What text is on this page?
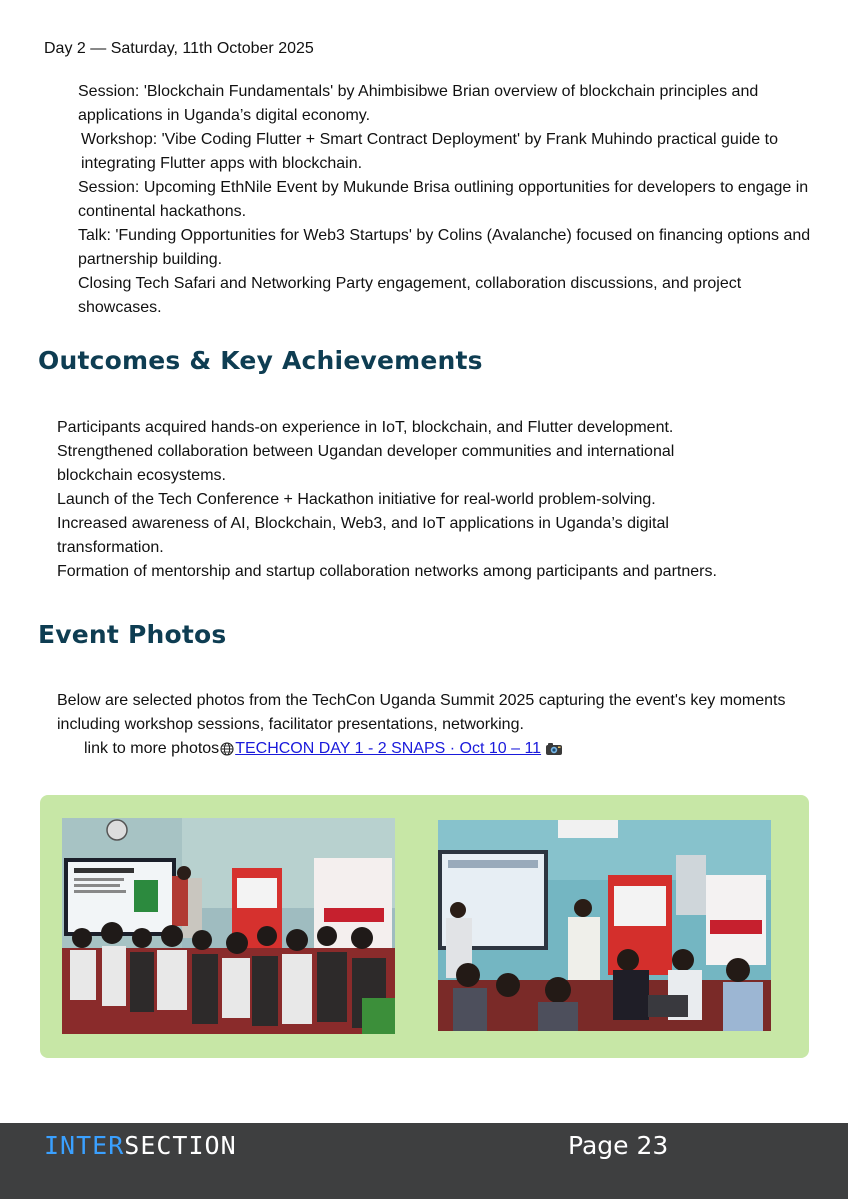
Day 2 — Saturday, 11th October 2025

Session: 'Blockchain Fundamentals' by Ahimbisibwe Brian overview of blockchain principles and applications in Uganda’s digital economy.
Workshop: 'Vibe Coding Flutter + Smart Contract Deployment' by Frank Muhindo practical guide to integrating Flutter apps with blockchain.
Session: Upcoming EthNile Event by Mukunde Brisa outlining opportunities for developers to engage in continental hackathons.
Talk: 'Funding Opportunities for Web3 Startups' by Colins (Avalanche) focused on financing options and partnership building.
Closing Tech Safari and Networking Party engagement, collaboration discussions, and project showcases.
Outcomes & Key Achievements
Participants acquired hands-on experience in IoT, blockchain, and Flutter development.
Strengthened collaboration between Ugandan developer communities and international blockchain ecosystems.
Launch of the Tech Conference + Hackathon initiative for real-world problem-solving.
Increased awareness of AI, Blockchain, Web3, and IoT applications in Uganda’s digital transformation.
Formation of mentorship and startup collaboration networks among participants and partners.
Event Photos

Below are selected photos from the TechCon Uganda Summit 2025 capturing the event's key moments including workshop sessions, facilitator presentations, networking.

link to more photos TECHCON DAY 1 - 2 SNAPS · Oct 10 – 11

INTERSECTION	Page 23
